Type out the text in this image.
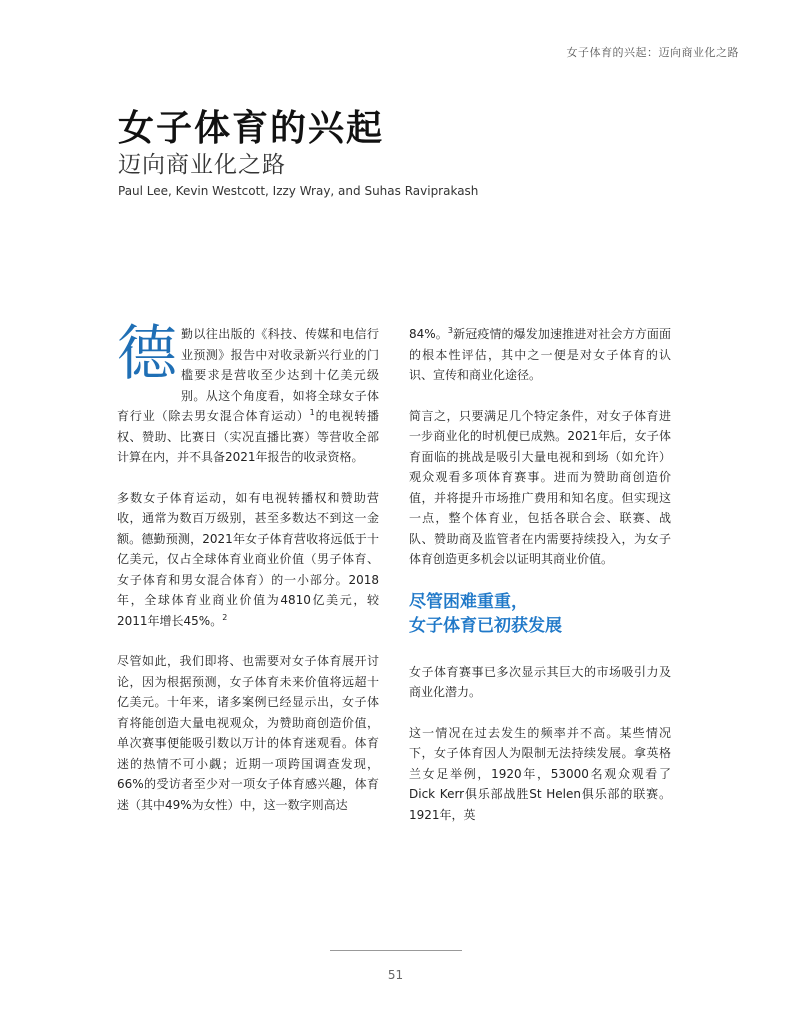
女子体育的兴起：迈向商业化之路
女子体育的兴起
迈向商业化之路
Paul Lee, Kevin Westcott, Izzy Wray, and Suhas Raviprakash

德勤以往出版的《科技、传媒和电信行业预测》报告中对收录新兴行业的门槛要求是营收至少达到十亿美元级别。从这个角度看，如将全球女子体育行业（除去男女混合体育运动）$^1$的电视转播权、赞助、比赛日（实况直播比赛）等营收全部计算在内，并不具备2021年报告的收录资格。

多数女子体育运动，如有电视转播权和赞助营收，通常为数百万级别，甚至多数达不到这一金额。德勤预测，2021年女子体育营收将远低于十亿美元，仅占全球体育业商业价值（男子体育、女子体育和男女混合体育）的一小部分。2018年，全球体育业商业价值为4810亿美元，较2011年增长45%。$^2$

尽管如此，我们即将、也需要对女子体育展开讨论，因为根据预测，女子体育未来价值将远超十亿美元。十年来，诸多案例已经显示出，女子体育将能创造大量电视观众，为赞助商创造价值，单次赛事便能吸引数以万计的体育迷观看。体育迷的热情不可小觑；近期一项跨国调查发现，66%的受访者至少对一项女子体育感兴趣，体育迷（其中49%为女性）中，这一数字则高达

84%。$^3$新冠疫情的爆发加速推进对社会方方面面的根本性评估，其中之一便是对女子体育的认识、宣传和商业化途径。

简言之，只要满足几个特定条件，对女子体育进一步商业化的时机便已成熟。2021年后，女子体育面临的挑战是吸引大量电视和到场（如允许）观众观看多项体育赛事。进而为赞助商创造价值，并将提升市场推广费用和知名度。但实现这一点，整个体育业，包括各联合会、联赛、战队、赞助商及监管者在内需要持续投入，为女子体育创造更多机会以证明其商业价值。

尽管困难重重，
女子体育已初获发展

女子体育赛事已多次显示其巨大的市场吸引力及商业化潜力。

这一情况在过去发生的频率并不高。某些情况下，女子体育因人为限制无法持续发展。拿英格兰女足举例，1920年，53000名观众观看了Dick Kerr俱乐部战胜St Helen俱乐部的联赛。1921年，英

51
